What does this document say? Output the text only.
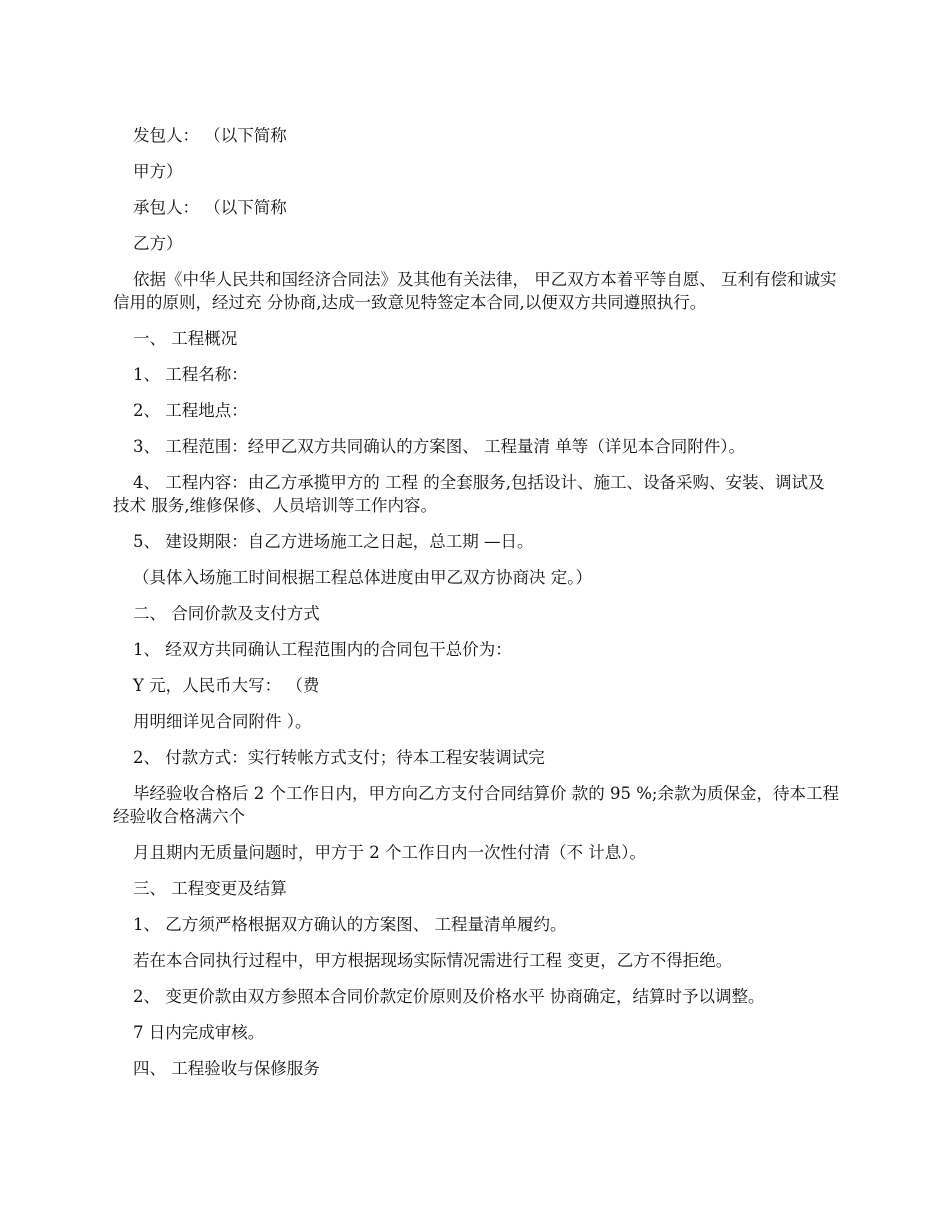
发包人： （以下简称

甲方）

承包人： （以下简称

乙方）

依据《中华人民共和国经济合同法》及其他有关法律， 甲乙双方本着平等自愿、 互利有偿和诚实信用的原则，经过充 分协商,达成一致意见特签定本合同,以便双方共同遵照执行。

一、 工程概况

1、 工程名称：

2、 工程地点：

3、 工程范围：经甲乙双方共同确认的方案图、 工程量清 单等（详见本合同附件）。

4、 工程内容：由乙方承揽甲方的 工程 的全套服务,包括设计、施工、设备采购、安装、调试及技术 服务,维修保修、人员培训等工作内容。

5、 建设期限：自乙方进场施工之日起，总工期 —日。

（具体入场施工时间根据工程总体进度由甲乙双方协商决 定。）

二、 合同价款及支付方式

1、 经双方共同确认工程范围内的合同包干总价为：

Y 元，人民币大写： （费

用明细详见合同附件 ）。

2、 付款方式：实行转帐方式支付；待本工程安装调试完

毕经验收合格后 2 个工作日内，甲方向乙方支付合同结算价 款的 95 %;余款为质保金，待本工程经验收合格满六个

月且期内无质量问题时，甲方于 2 个工作日内一次性付清（不 计息）。

三、 工程变更及结算

1、 乙方须严格根据双方确认的方案图、 工程量清单履约。

若在本合同执行过程中，甲方根据现场实际情况需进行工程 变更，乙方不得拒绝。

2、 变更价款由双方参照本合同价款定价原则及价格水平 协商确定，结算时予以调整。

7 日内完成审核。

四、 工程验收与保修服务
